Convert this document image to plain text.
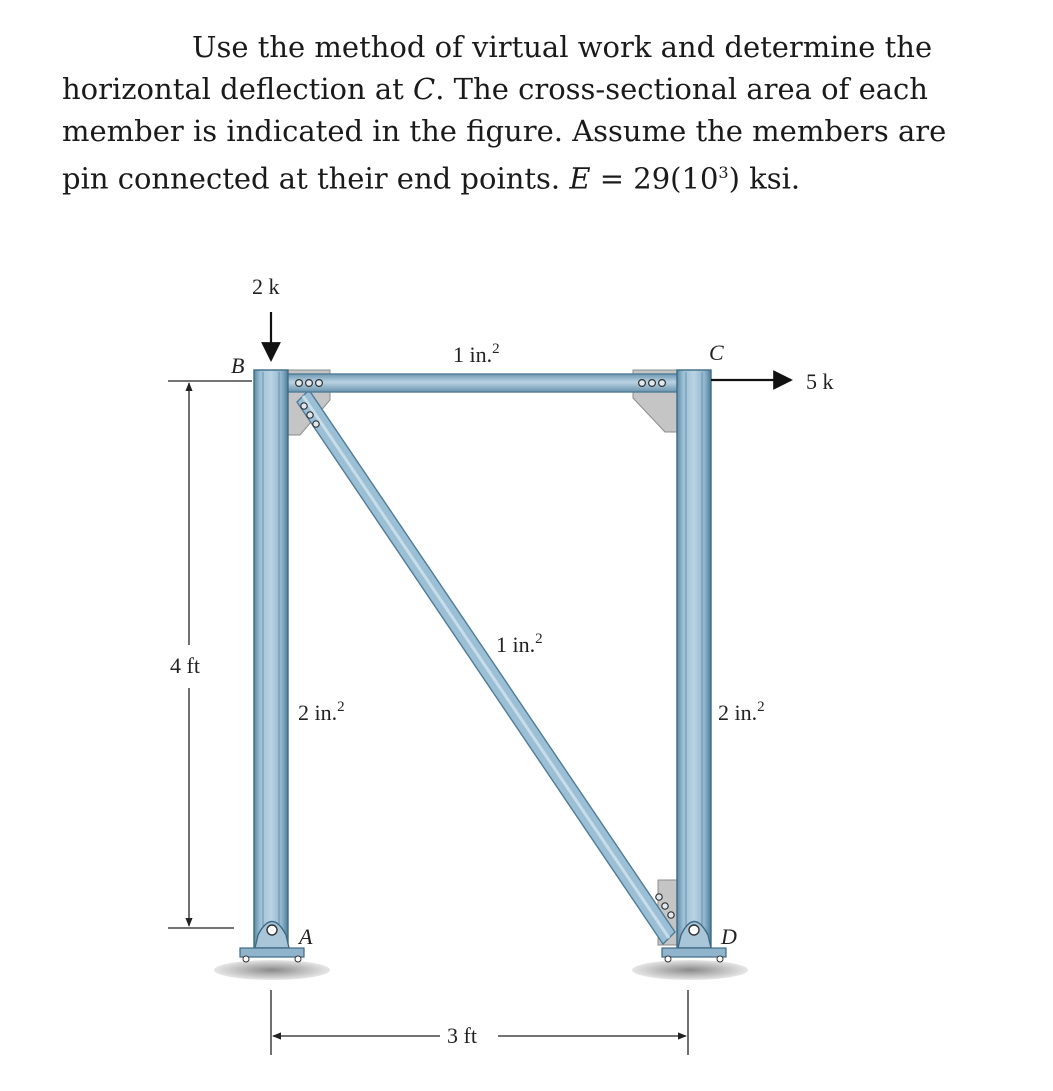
Use the method of virtual work and determine the
horizontal deflection at C. The cross-sectional area of each
member is indicated in the figure. Assume the members are
pin connected at their end points. $E = 29(10^3)$ ksi.
2 k
5 k
B
C
A	D
1 in.$^2$
1 in.$^2$
2 in.$^2$	2 in.$^2$
4 ft
3 ft
